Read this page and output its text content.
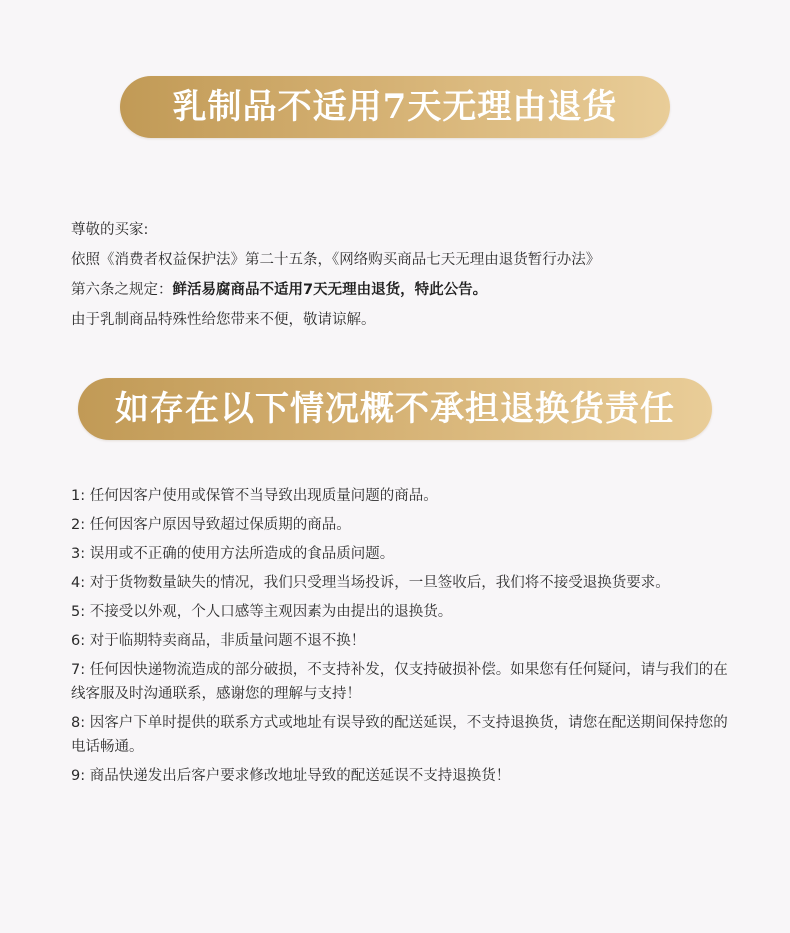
乳制品不适用7天无理由退货
尊敬的买家:
依照《消费者权益保护法》第二十五条，《网络购买商品七天无理由退货暂行办法》
第六条之规定：鲜活易腐商品不适用7天无理由退货，特此公告。
由于乳制商品特殊性给您带来不便，敬请谅解。
如存在以下情况概不承担退换货责任
1: 任何因客户使用或保管不当导致出现质量问题的商品。
2: 任何因客户原因导致超过保质期的商品。
3: 误用或不正确的使用方法所造成的食品质问题。
4: 对于货物数量缺失的情况，我们只受理当场投诉，一旦签收后，我们将不接受退换货要求。
5: 不接受以外观，个人口感等主观因素为由提出的退换货。
6: 对于临期特卖商品，非质量问题不退不换！
7: 任何因快递物流造成的部分破损，不支持补发，仅支持破损补偿。如果您有任何疑问，请与我们的在线客服及时沟通联系，感谢您的理解与支持！
8: 因客户下单时提供的联系方式或地址有误导致的配送延误，不支持退换货，请您在配送期间保持您的电话畅通。
9: 商品快递发出后客户要求修改地址导致的配送延误不支持退换货！
